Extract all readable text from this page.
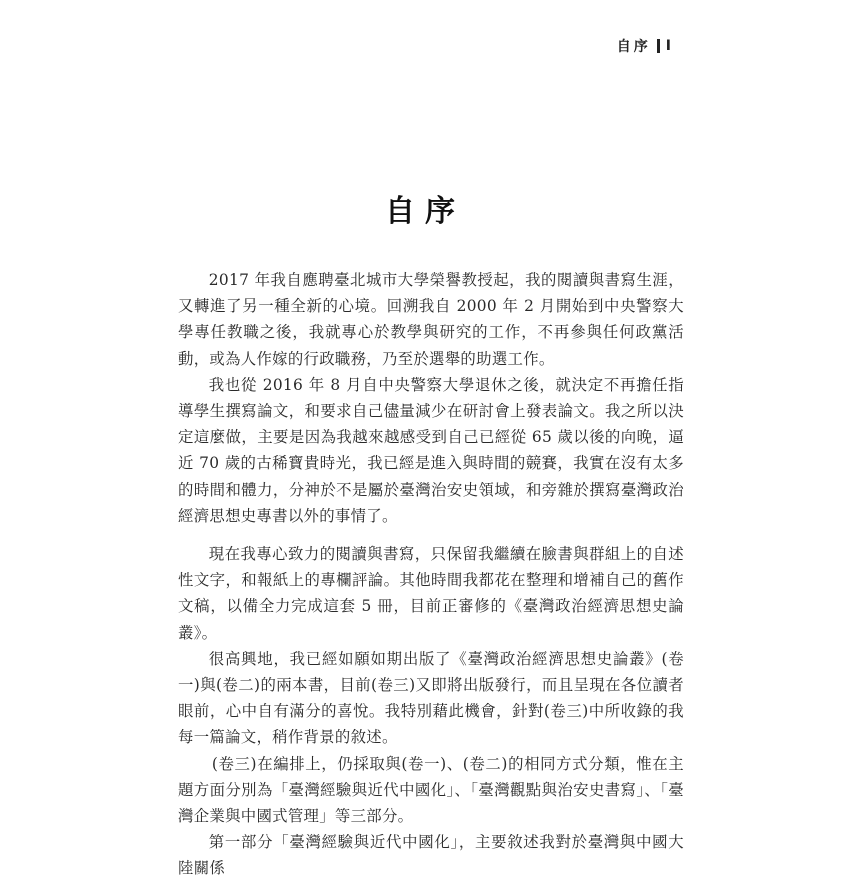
自序 I
自序

2017 年我自應聘臺北城市大學榮譽教授起，我的閱讀與書寫生涯，又轉進了另一種全新的心境。回溯我自 2000 年 2 月開始到中央警察大學專任教職之後，我就專心於教學與研究的工作，不再參與任何政黨活動，或為人作嫁的行政職務，乃至於選舉的助選工作。

我也從 2016 年 8 月自中央警察大學退休之後，就決定不再擔任指導學生撰寫論文，和要求自己儘量減少在研討會上發表論文。我之所以決定這麼做，主要是因為我越來越感受到自己已經從 65 歲以後的向晚，逼近 70 歲的古稀寶貴時光，我已經是進入與時間的競賽，我實在沒有太多的時間和體力，分神於不是屬於臺灣治安史領域，和旁雜於撰寫臺灣政治經濟思想史專書以外的事情了。

現在我專心致力的閱讀與書寫，只保留我繼續在臉書與群組上的自述性文字，和報紙上的專欄評論。其他時間我都花在整理和增補自己的舊作文稿，以備全力完成這套 5 冊，目前正審修的《臺灣政治經濟思想史論叢》。

很高興地，我已經如願如期出版了《臺灣政治經濟思想史論叢》(卷一)與(卷二)的兩本書，目前(卷三)又即將出版發行，而且呈現在各位讀者眼前，心中自有滿分的喜悅。我特別藉此機會，針對(卷三)中所收錄的我每一篇論文，稍作背景的敘述。

(卷三)在編排上，仍採取與(卷一)、(卷二)的相同方式分類，惟在主題方面分別為「臺灣經驗與近代中國化」、「臺灣觀點與治安史書寫」、「臺灣企業與中國式管理」等三部分。

第一部分「臺灣經驗與近代中國化」，主要敘述我對於臺灣與中國大陸關係
